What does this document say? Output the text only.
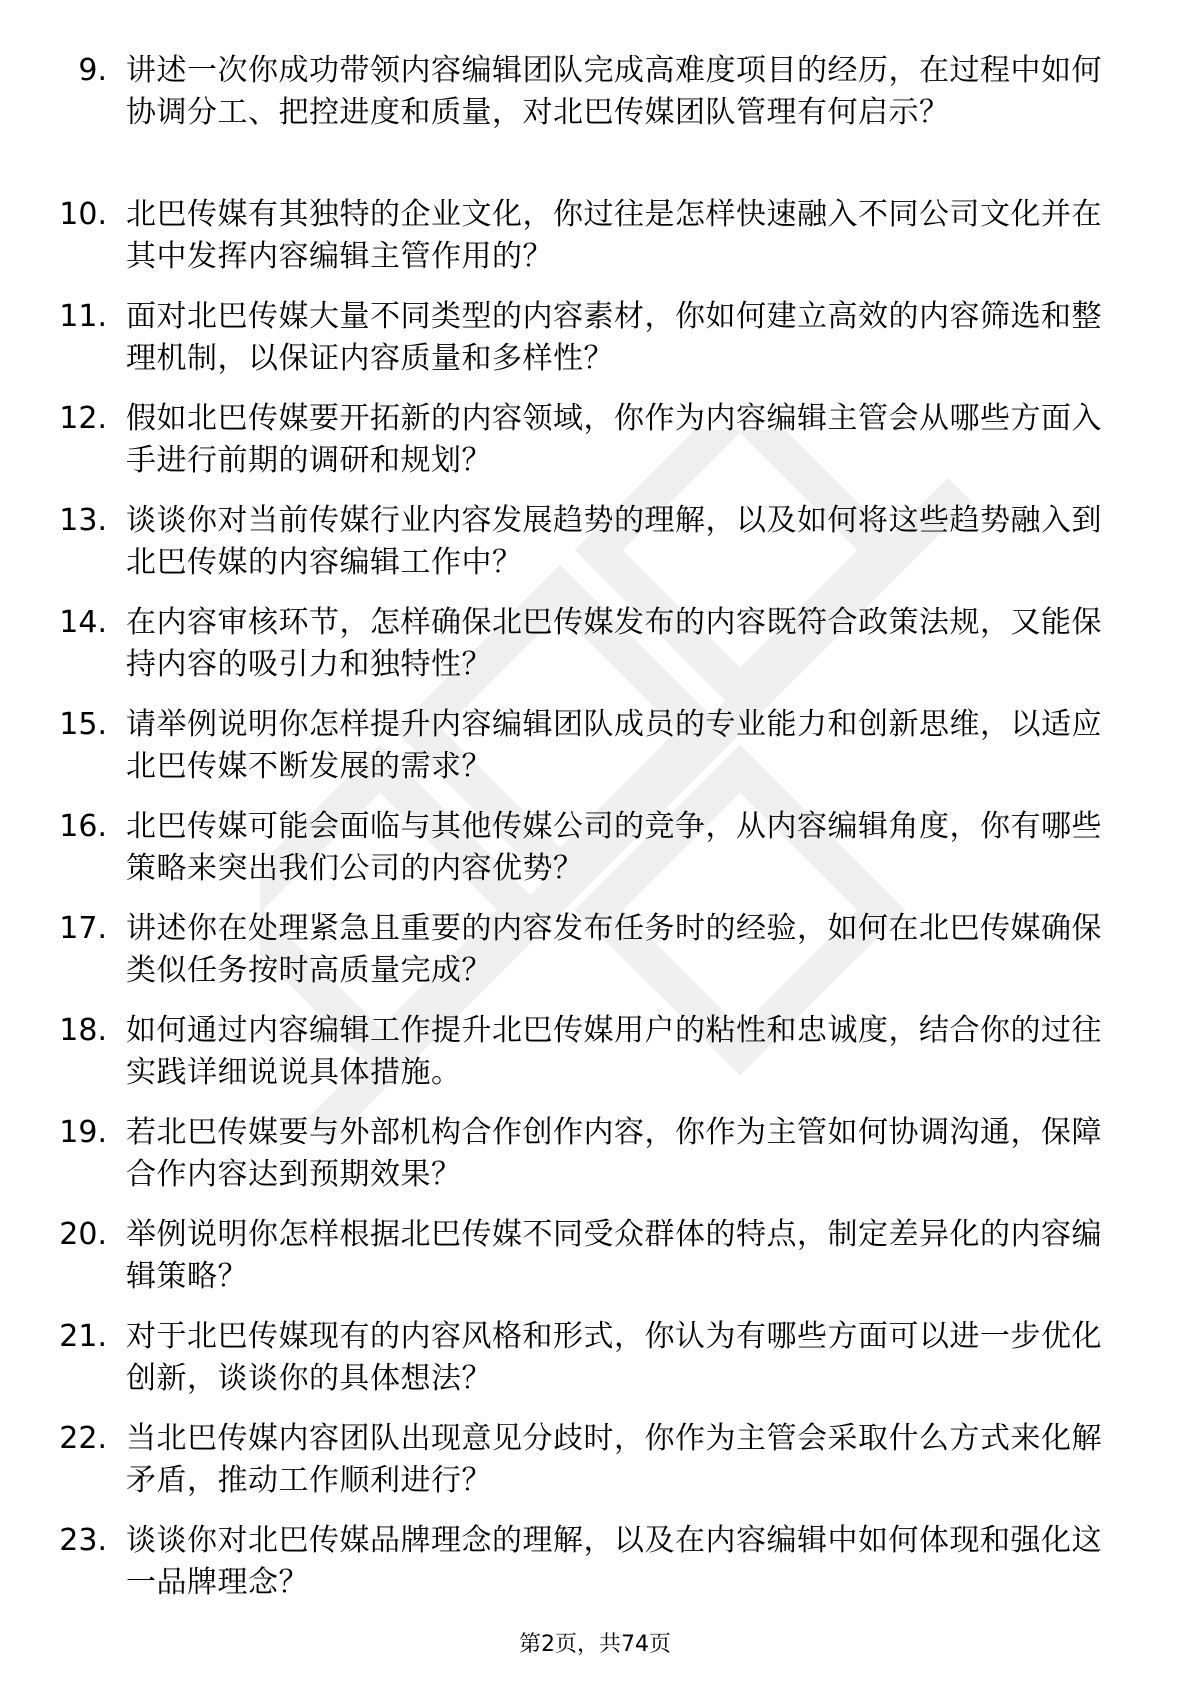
9. 讲述一次你成功带领内容编辑团队完成高难度项目的经历，在过程中如何协调分工、把控进度和质量，对北巴传媒团队管理有何启示？
10. 北巴传媒有其独特的企业文化，你过往是怎样快速融入不同公司文化并在其中发挥内容编辑主管作用的？
11. 面对北巴传媒大量不同类型的内容素材，你如何建立高效的内容筛选和整理机制，以保证内容质量和多样性？
12. 假如北巴传媒要开拓新的内容领域，你作为内容编辑主管会从哪些方面入手进行前期的调研和规划？
13. 谈谈你对当前传媒行业内容发展趋势的理解，以及如何将这些趋势融入到北巴传媒的内容编辑工作中？
14. 在内容审核环节，怎样确保北巴传媒发布的内容既符合政策法规，又能保持内容的吸引力和独特性？
15. 请举例说明你怎样提升内容编辑团队成员的专业能力和创新思维，以适应北巴传媒不断发展的需求？
16. 北巴传媒可能会面临与其他传媒公司的竞争，从内容编辑角度，你有哪些策略来突出我们公司的内容优势？
17. 讲述你在处理紧急且重要的内容发布任务时的经验，如何在北巴传媒确保类似任务按时高质量完成？
18. 如何通过内容编辑工作提升北巴传媒用户的粘性和忠诚度，结合你的过往实践详细说说具体措施。
19. 若北巴传媒要与外部机构合作创作内容，你作为主管如何协调沟通，保障合作内容达到预期效果？
20. 举例说明你怎样根据北巴传媒不同受众群体的特点，制定差异化的内容编辑策略？
21. 对于北巴传媒现有的内容风格和形式，你认为有哪些方面可以进一步优化创新，谈谈你的具体想法？
22. 当北巴传媒内容团队出现意见分歧时，你作为主管会采取什么方式来化解矛盾，推动工作顺利进行？
23. 谈谈你对北巴传媒品牌理念的理解，以及在内容编辑中如何体现和强化这一品牌理念？
第2页，共74页
